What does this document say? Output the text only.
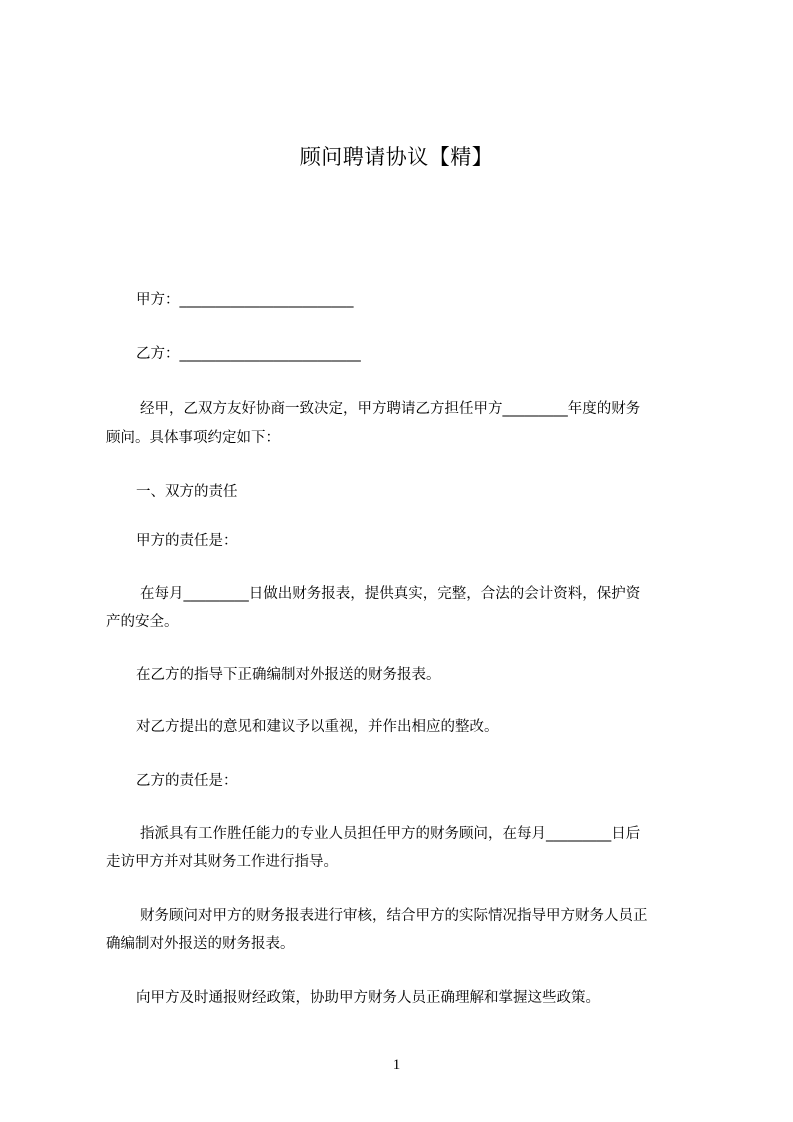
顾问聘请协议【精】
甲方：________________________
乙方：_________________________
经甲，乙双方友好协商一致决定，甲方聘请乙方担任甲方_________年度的财务
顾问。具体事项约定如下：
一、双方的责任
甲方的责任是：
在每月_________日做出财务报表，提供真实，完整，合法的会计资料，保护资
产的安全。
在乙方的指导下正确编制对外报送的财务报表。
对乙方提出的意见和建议予以重视，并作出相应的整改。
乙方的责任是：
指派具有工作胜任能力的专业人员担任甲方的财务顾问，在每月_________日后
走访甲方并对其财务工作进行指导。
财务顾问对甲方的财务报表进行审核，结合甲方的实际情况指导甲方财务人员正
确编制对外报送的财务报表。
向甲方及时通报财经政策，协助甲方财务人员正确理解和掌握这些政策。
1
